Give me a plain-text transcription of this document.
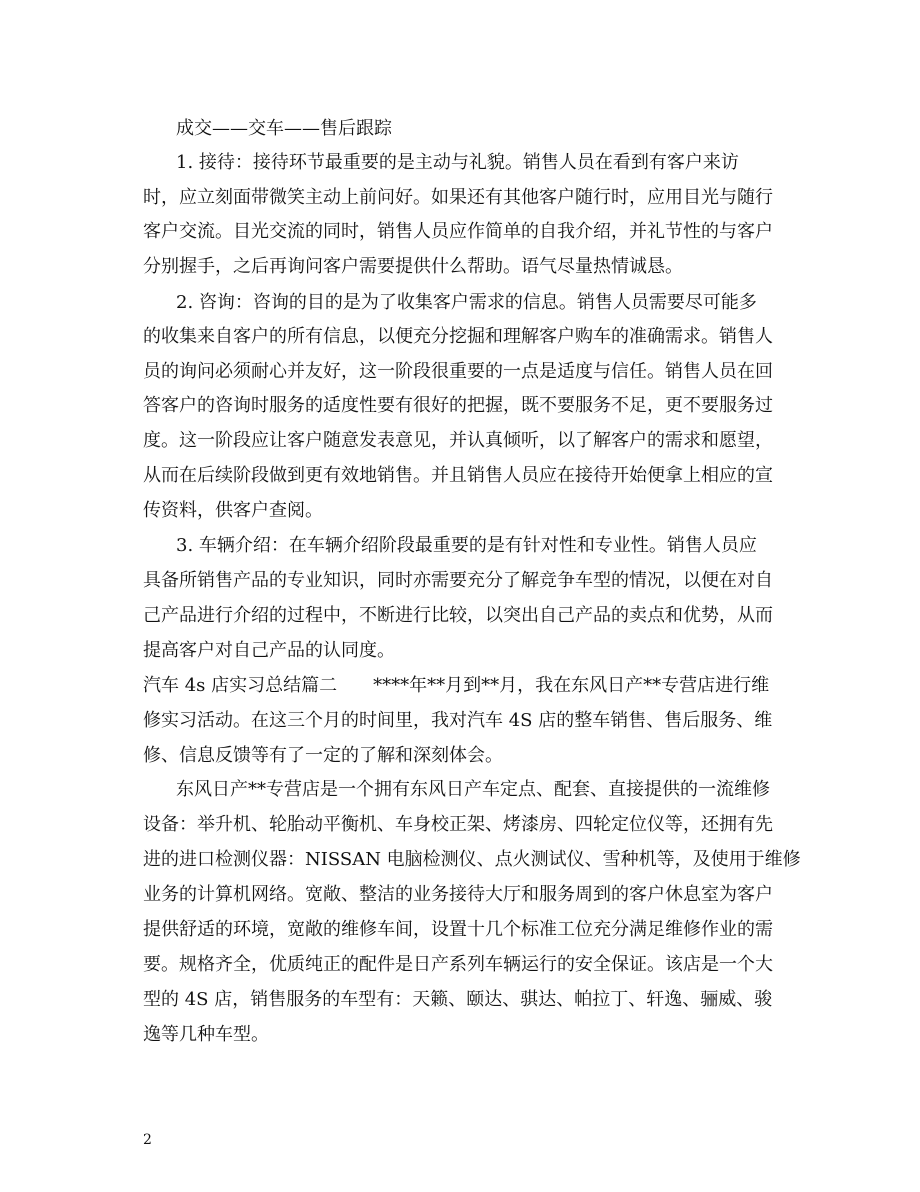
成交——交车——售后跟踪
1. 接待：接待环节最重要的是主动与礼貌。销售人员在看到有客户来访
时，应立刻面带微笑主动上前问好。如果还有其他客户随行时，应用目光与随行
客户交流。目光交流的同时，销售人员应作简单的自我介绍，并礼节性的与客户
分别握手，之后再询问客户需要提供什么帮助。语气尽量热情诚恳。
2. 咨询：咨询的目的是为了收集客户需求的信息。销售人员需要尽可能多
的收集来自客户的所有信息，以便充分挖掘和理解客户购车的准确需求。销售人
员的询问必须耐心并友好，这一阶段很重要的一点是适度与信任。销售人员在回
答客户的咨询时服务的适度性要有很好的把握，既不要服务不足，更不要服务过
度。这一阶段应让客户随意发表意见，并认真倾听，以了解客户的需求和愿望，
从而在后续阶段做到更有效地销售。并且销售人员应在接待开始便拿上相应的宣
传资料，供客户查阅。
3. 车辆介绍：在车辆介绍阶段最重要的是有针对性和专业性。销售人员应
具备所销售产品的专业知识，同时亦需要充分了解竞争车型的情况，以便在对自
己产品进行介绍的过程中，不断进行比较，以突出自己产品的卖点和优势，从而
提高客户对自己产品的认同度。
汽车 4s 店实习总结篇二　　****年**月到**月，我在东风日产**专营店进行维
修实习活动。在这三个月的时间里，我对汽车 4S 店的整车销售、售后服务、维
修、信息反馈等有了一定的了解和深刻体会。
东风日产**专营店是一个拥有东风日产车定点、配套、直接提供的一流维修
设备：举升机、轮胎动平衡机、车身校正架、烤漆房、四轮定位仪等，还拥有先
进的进口检测仪器：NISSAN 电脑检测仪、点火测试仪、雪种机等，及使用于维修
业务的计算机网络。宽敞、整洁的业务接待大厅和服务周到的客户休息室为客户
提供舒适的环境，宽敞的维修车间，设置十几个标准工位充分满足维修作业的需
要。规格齐全，优质纯正的配件是日产系列车辆运行的安全保证。该店是一个大
型的 4S 店，销售服务的车型有：天籁、颐达、骐达、帕拉丁、轩逸、骊威、骏
逸等几种车型。
2
